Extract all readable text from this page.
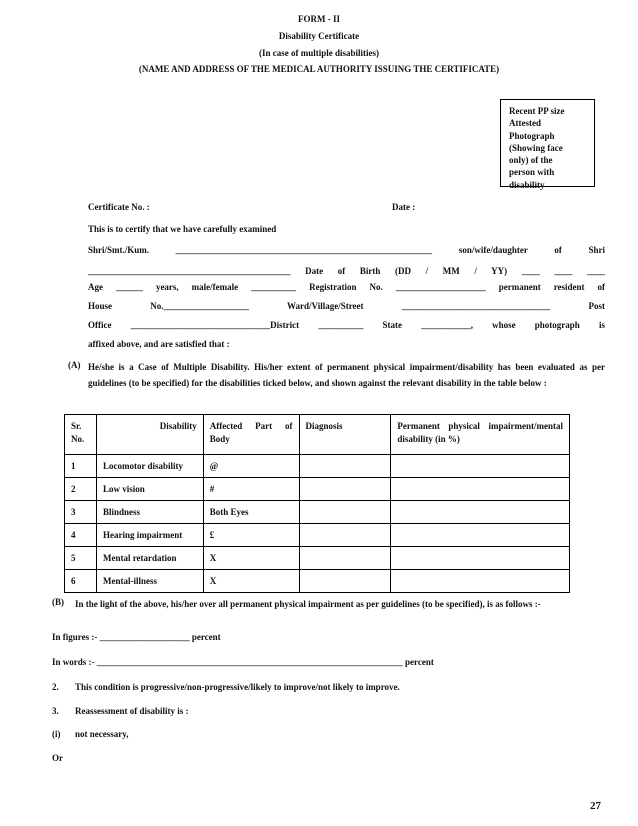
FORM - II
Disability Certificate
(In case of multiple disabilities)
(NAME AND ADDRESS OF THE MEDICAL AUTHORITY ISSUING THE CERTIFICATE)
Recent PP size
Attested
Photograph
(Showing face
only) of the
person with
disability
Certificate No. :	Date :
This is to certify that we have carefully examined
Shri/Smt./Kum. _________________________________________________________ son/wife/daughter of Shri
_____________________________________________ Date of Birth (DD / MM / YY) ____ ____ ____
Age ______ years, male/female __________ Registration No. ____________________ permanent resident of
House No.___________________ Ward/Village/Street _________________________________ Post
Office _______________________________District __________ State ___________, whose photograph is
affixed above, and are satisfied that :
(A) He/she is a Case of Multiple Disability. His/her extent of permanent physical impairment/disability has been evaluated as per guidelines (to be specified) for the disabilities ticked below, and shown against the relevant disability in the table below :
Sr. No.	Disability	Affected Part of Body	Diagnosis	Permanent physical impairment/mental disability (in %)
1	Locomotor disability	@		
2	Low vision	#		
3	Blindness	Both Eyes		
4	Hearing impairment	£		
5	Mental retardation	X		
6	Mental-illness	X		
(B) In the light of the above, his/her over all permanent physical impairment as per guidelines (to be specified), is as follows :-
In figures :- ____________________ percent
In words :- ____________________________________________________________________ percent
2. This condition is progressive/non-progressive/likely to improve/not likely to improve.
3. Reassessment of disability is :
(i) not necessary,
Or
27
